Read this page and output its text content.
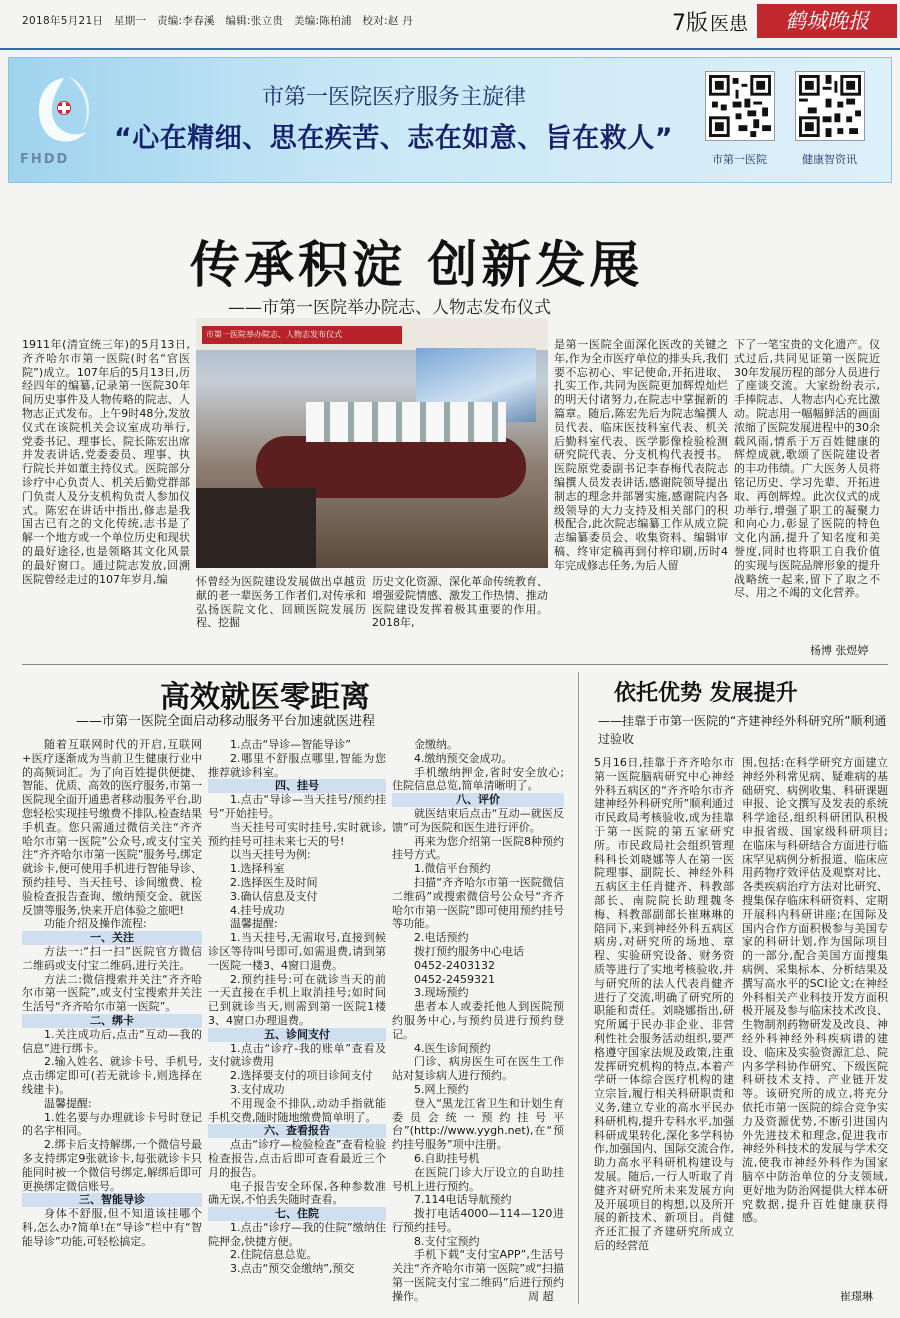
2018年5月21日 星期一 责编:李春溪 编辑:张立贵 美编:陈柏浦 校对:赵 丹	7版 医患	鹤城晚报
FHDD
市第一医院医疗服务主旋律
“心在精细、思在疾苦、志在如意、旨在救人”
市第一医院	健康智资讯
传承积淀 创新发展
——市第一医院举办院志、人物志发布仪式
1911年(清宣统三年)的5月13日,齐齐哈尔市第一医院(时名“官医院”)成立。107年后的5月13日,历经四年的编纂,记录第一医院30年间历史事件及人物传略的院志、人物志正式发布。上午9时48分,发放仪式在该院机关会议室成功举行,党委书记、理事长、院长陈宏出席并发表讲话,党委委员、理事、执行院长并如董主持仪式。医院部分诊疗中心负责人、机关后勤党群部门负责人及分支机构负责人参加仪式。陈宏在讲话中指出,修志是我国古已有之的文化传统,志书是了解一个地方或一个单位历史和现状的最好途径,也是领略其文化风景的最好窗口。通过院志发放,回溯医院曾经走过的107年岁月,编
市第一医院举办院志、人物志发布仪式
怀曾经为医院建设发展做出卓越贡献的老一辈医务工作者们,对传承和弘扬医院文化、回顾医院发展历程、挖掘
历史文化资源、深化革命传统教育、增强爱院情感、激发工作热情、推动医院建设发挥着极其重要的作用。2018年,
是第一医院全面深化医改的关键之年,作为全市医疗单位的排头兵,我们要不忘初心、牢记使命,开拓进取、扎实工作,共同为医院更加辉煌灿烂的明天付诸努力,在院志中掌握新的篇章。随后,陈宏先后为院志编撰人员代表、临床医技科室代表、机关后勤科室代表、医学影像检验检测研究院代表、分支机构代表授书。医院原党委副书记李春梅代表院志编撰人员发表讲话,感谢院领导提出制志的理念并部署实施,感谢院内各级领导的大力支持及相关部门的积极配合,此次院志编纂工作从成立院志编纂委员会、收集资料、编辑审稿、终审定稿再到付梓印刷,历时4年完成修志任务,为后人留
下了一笔宝贵的文化遗产。仪式过后,共同见证第一医院近30年发展历程的部分人员进行了座谈交流。大家纷纷表示,手捧院志、人物志内心充比激动。院志用一幅幅鲜活的画面浓缩了医院发展进程中的30余载风雨,情系于万百姓健康的辉煌成就,歌颂了医院建设者的丰功伟绩。广大医务人员将铭记历史、学习先辈、开拓进取、再创辉煌。此次仪式的成功举行,增强了职工的凝聚力和向心力,彰显了医院的特色文化内涵,提升了知名度和美誉度,同时也将职工自我价值的实现与医院品牌形象的提升战略统一起来,留下了取之不尽、用之不竭的文化营养。
杨博 张煜婷
高效就医零距离
——市第一医院全面启动移动服务平台加速就医进程
随着互联网时代的开启,互联网+医疗逐渐成为当前卫生健康行业中的高频词汇。为了向百姓提供便捷、智能、优质、高效的医疗服务,市第一医院现全面开通患者移动服务平台,助您轻松实现挂号缴费不排队,检查结果手机查。您只需通过微信关注“齐齐哈尔市第一医院”公众号,或支付宝关注“齐齐哈尔市第一医院”服务号,绑定就诊卡,便可使用手机进行智能导诊、预约挂号、当天挂号、诊间缴费、检验检查报告查询、缴纳预交金、就医反馈等服务,快来开启体验之旅吧!
功能介绍及操作流程:
一、关注
方法一:“扫一扫”医院官方微信二维码或支付宝二维码,进行关注。
方法二:微信搜索并关注“齐齐哈尔市第一医院”,或支付宝搜索并关注生活号“齐齐哈尔市第一医院”。
二、绑卡
1.关注成功后,点击“互动—我的信息”进行绑卡。
2.输入姓名、就诊卡号、手机号,点击绑定即可(若无就诊卡,则选择在线建卡)。
温馨提醒:
1.姓名要与办理就诊卡号时登记的名字相同。
2.绑卡后支持解绑,一个微信号最多支持绑定9张就诊卡,每张就诊卡只能同时被一个微信号绑定,解绑后即可更换绑定微信账号。
三、智能导诊
身体不舒服,但不知道该挂哪个科,怎么办?简单!在“导诊”栏中有“智能导诊”功能,可轻松搞定。
1.点击“导诊—智能导诊”
2.哪里不舒服点哪里,智能为您推荐就诊科室。
四、挂号
1.点击“导诊—当天挂号/预约挂号”开始挂号。
当天挂号可实时挂号,实时就诊,预约挂号可挂未来七天的号!
以当天挂号为例:
1.选择科室
2.选择医生及时间
3.确认信息及支付
4.挂号成功
温馨提醒:
1.当天挂号,无需取号,直接到候诊区等待叫号即可,如需退费,请到第一医院一楼3、4窗口退费。
2.预约挂号:可在就诊当天的前一天直接在手机上取消挂号;如时间已到就诊当天,则需到第一医院1楼3、4窗口办理退费。
五、诊间支付
1.点击“诊疗-我的账单”查看及支付就诊费用
2.选择要支付的项目诊间支付
3.支付成功
不用现金不排队,动动手指就能手机交费,随时随地缴费简单明了。
六、查看报告
点击“诊疗—检验检查”查看检验检查报告,点击后即可查看最近三个月的报告。
电子报告安全环保,各种参数准确无误,不怕丢失随时查看。
七、住院
1.点击“诊疗—我的住院”缴纳住院押金,快捷方便。
2.住院信息总览。
3.点击“预交金缴纳”,预交
金缴纳。
4.缴纳预交金成功。
手机缴纳押金,省时安全放心;住院信息总览,简单清晰明了。
八、评价
就医结束后点击“互动—就医反馈”可为医院和医生进行评价。
再来为您介绍第一医院8种预约挂号方式。
1.微信平台预约
扫描“齐齐哈尔市第一医院微信二维码”或搜索微信号公众号“齐齐哈尔市第一医院”即可使用预约挂号等功能。
2.电话预约
拨打预约服务中心电话
0452-2403132
0452-2459321
3.现场预约
患者本人或委托他人到医院预约服务中心,与预约员进行预约登记。
4.医生诊间预约
门诊、病房医生可在医生工作站对复诊病人进行预约。
5.网上预约
登入“黑龙江省卫生和计划生育委员会统一预约挂号平台”(http://www.yygh.net),在“预约挂号服务”项中注册。
6.自助挂号机
在医院门诊大厅设立的自助挂号机上进行预约。
7.114电话导航预约
拨打电话4000—114—120进行预约挂号。
8.支付宝预约
手机下载“支付宝APP”,生活号关注“齐齐哈尔市第一医院”或“扫描第一医院支付宝二维码”后进行预约操作。	周 超
依托优势 发展提升
——挂靠于市第一医院的“齐建神经外科研究所”顺利通过验收
5月16日,挂靠于齐齐哈尔市第一医院脑病研究中心神经外科五病区的“齐齐哈尔市齐建神经外科研究所”顺利通过市民政局考核验收,成为挂靠于第一医院的第五家研究所。市民政局社会组织管理科科长刘晓娜等人在第一医院理事、副院长、神经外科五病区主任肖健齐、科教部部长、南院院长助理魏冬梅、科教部副部长崔琳琳的陪同下,来到神经外科五病区病房,对研究所的场地、章程、实验研究设备、财务资质等进行了实地考核验收,并与研究所的法人代表肖健齐进行了交流,明确了研究所的职能和责任。刘晓娜指出,研究所属于民办非企业、非营利性社会服务活动组织,要严格遵守国家法规及政策,注重发挥研究机构的特点,本着产学研一体综合医疗机构的建立宗旨,履行相关科研职责和义务,建立专业的高水平民办科研机构,提升专科水平,加强科研成果转化,深化多学科协作,加强国内、国际交流合作,助力高水平科研机构建设与发展。随后,一行人听取了肖健齐对研究所未来发展方向及开展项目的构想,以及所开展的新技术、新项目。肖健齐还汇报了齐建研究所成立后的经营范
围,包括:在科学研究方面建立神经外科常见病、疑难病的基础研究、病例收集、科研课题申报、论文撰写及发表的系统科学途径,组织科研团队积极申报省级、国家级科研项目;在临床与科研结合方面进行临床罕见病例分析报道、临床应用药物疗效评估及观察对比、各类疾病治疗方法对比研究、搜集保存临床科研资料、定期开展科内科研讲座;在国际及国内合作方面积极参与美国专家的科研计划,作为国际项目的一部分,配合美国方面搜集病例、采集标本、分析结果及撰写高水平的SCI论文;在神经外科相关产业科技开发方面积极开展及参与临床技术改良、生物制剂药物研发及改良、神经外科神经外科疾病谱的建设、临床及实验资源汇总、院内多学科协作研究、下级医院科研技术支持、产业链开发等。该研究所的成立,将充分依托市第一医院的综合竞争实力及资源优势,不断引进国内外先进技术和理念,促进我市神经外科技术的发展与学术交流,使我市神经外科作为国家脑卒中防治单位的分支领域,更好地为防治网提供大样本研究数据,提升百姓健康获得感。
崔璟琳
